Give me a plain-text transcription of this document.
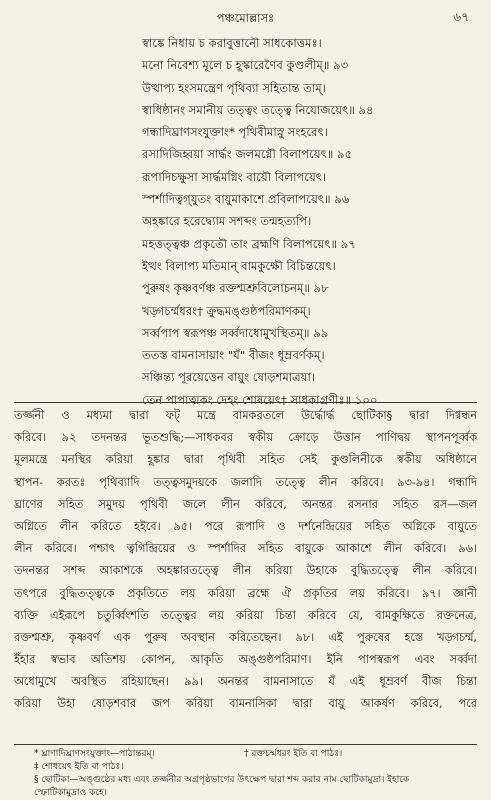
পঞ্চমোল্লাসঃ	৬৭
স্বাঙ্কে নিধায় চ করাবুত্তানৌ সাধকোত্তমঃ।
মনো নিবেশ্য মূলে চ হূস্কারেণৈব কুণ্ডলীম্‌॥ ৯৩
উত্থাপ্য হংসমন্ত্রেণ পৃথিব্যা সহিতান্ত তাম্‌।
স্বাধিষ্ঠানং সমানীয় তত্ত্বং তত্ত্বে নিযোজয়েৎ॥ ৯৪
গন্ধাদিঘ্রাণসংযুক্তাং* পৃথিবীমাস্নু সংহরেৎ।
রসাদিজিহ্বয়া সার্দ্ধং জলমগ্নৌ বিলাপয়েৎ॥ ৯৫
রূপাদিচক্ষুসা সার্দ্ধমগ্নিং বায়ৌ বিলাপয়েৎ।
স্পর্শাদিত্বগ্‌যুতং বায়ুমাকাশে প্রবিলাপয়েৎ॥ ৯৬
অহঙ্কারে হরেদ্ব্যোম সশব্দং তন্মহত্যপি।
মহত্তত্ত্বঞ্চ প্রকৃতৌ তাং ব্রহ্মণি বিলাপয়েৎ॥ ৯৭
ইত্থং বিলাপ্য মতিমান্‌ বামকুক্ষৌ বিচিন্তয়েৎ।
পুরুষং কৃষ্ণবর্ণঞ্চ রক্তশ্মশ্রুবিলোচনম্‌॥ ৯৮
খড়্গচর্ম্মধরং† ক্রুদ্ধমঙ্গুষ্ঠপরিমাণকম্‌।
সর্ব্বপাপ স্বরূপঞ্চ সর্ব্বদাধোমুখস্থিতম্‌॥ ৯৯
ততস্ত বামনাসায়াং "যঁ" বীজং ধূম্রবর্ণকম্‌।
সঞ্চিন্ত্য পূরয়েত্তেন বায়ুং ষোড়শমাত্রয়া।
তেন পাপাত্মকং দেহং শোষয়েৎ‡ সাধকাগ্রণীঃ॥ ১০০
তর্জ্জনী ও মধ্যমা দ্বারা ফট্‌ মন্ত্রে বামকরতলে উর্দ্ধোর্দ্ধ ছোটিকা§ দ্বারা দিগ্বন্ধন
করিবে। ৯২ তদনন্তর ভূতশুদ্ধি;—সাধকবর স্বকীয় ক্রোড়ে উত্তান পাণিদ্বয় স্থাপনপূর্ব্বক
মূলমন্ত্রে মনস্থির করিয়া হূঙ্কার দ্বারা পৃথিবী সহিত সেই কুণ্ডলিনীকে স্বকীয় অধিষ্ঠানে
স্থাপন- করতঃ পৃথিব্যাদি তত্ত্বসমুদয়কে জলাদি তত্ত্বে লীন করিবে। ৯৩-৯৪। গন্ধাদি
ঘ্রাণের সহিত সমুদয় পৃথিবী জলে লীন করিবে, অনন্তর রসনার সহিত রস—জল
অগ্নিতে লীন করিতে হইবে। ৯৫। পরে রূপাদি ও দর্শনেন্দ্রিয়ের সহিত অগ্নিকে বায়ুতে
লীন করিবে। পশ্চাৎ ত্বগিন্দ্রিয়ের ও স্পর্শাদির সহিত বায়ুকে আকাশে লীন করিবে। ৯৬।
তদনন্তর সশব্দ আকাশকে অহঙ্কারতত্ত্বে লীন করিয়া উহাকে বুদ্ধিতত্ত্বে লীন করিবে।
তৎপরে বুদ্ধিতত্ত্বকে প্রকৃতিতে লয় করিয়া ব্রহ্মে ঐ প্রকৃতির লয় করিবে। ৯৭। জ্ঞানী
ব্যক্তি এইরূপে চতুর্ব্বিংশতি তত্ত্বের লয় করিয়া চিন্তা করিবে যে, বামকুক্ষিতে রক্তনেত্র,
রক্তশ্মশ্রু, কৃষ্ণবর্ণ এক পুরুষ অবস্থান করিতেছেন। ৯৮। এই পুরুষের হস্তে খড়্গচর্ম্ম,
ইঁহার স্বভাব অতিশয় কোপন, আকৃতি অঙ্গুষ্ঠপরিমাণ। ইনি পাপস্বরূপ এবং সর্ব্বদা
অধোমুখে অবস্থিত রহিয়াছেন। ৯৯। অনন্তর বামনাসাতে যঁ এই ধূম্রবর্ণ বীজ চিন্তা
করিয়া উহা ষোড়শবার জপ করিয়া বামনাসিকা দ্বারা বায়ু আকর্ষণ করিবে, পরে
* ঘ্রাণাদিঘ্রাণসংযুক্তাং—পাঠান্তরম্‌।	† রক্তচর্ম্মধরং ইতি বা পাঠঃ।
‡ শোধয়েৎ ইতি বা পাঠঃ।
§ ছোটিকা—অঙ্গুষ্ঠের মধ্য এবং তর্জ্জনীর অগ্রপৃষ্ঠভাগের উৎক্ষেপ দ্বারা শব্দ করার নাম ছোটিকামুদ্রা। ইহাকে
স্ফোটিকামুদ্রাও কহে।
